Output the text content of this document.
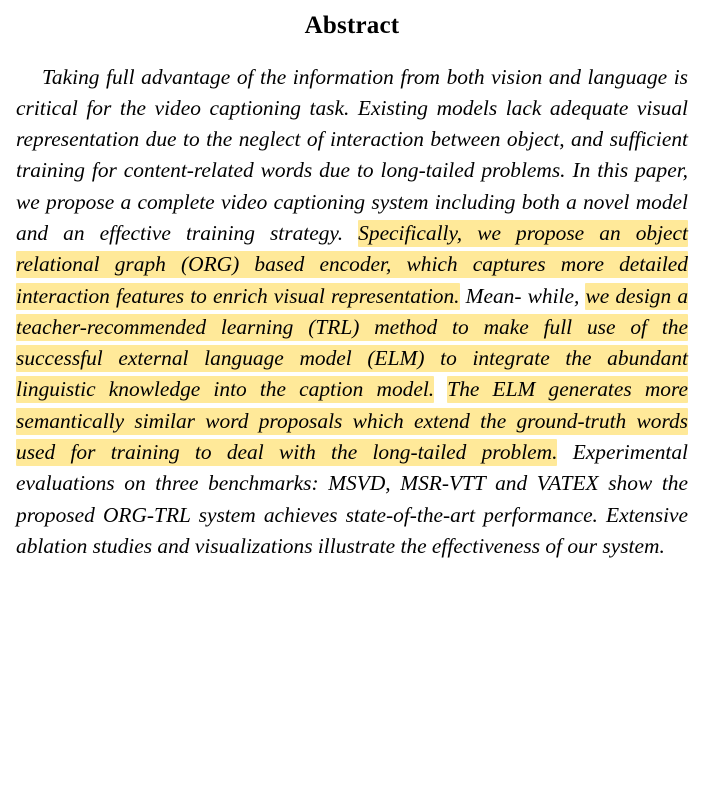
Abstract

Taking full advantage of the information from both vision and language is critical for the video captioning task. Existing models lack adequate visual representation due to the neglect of interaction between object, and sufficient training for content-related words due to long-tailed problems. In this paper, we propose a complete video captioning system including both a novel model and an effective training strategy. Specifically, we propose an object relational graph (ORG) based encoder, which captures more detailed interaction features to enrich visual representation. Mean- while, we design a teacher-recommended learning (TRL) method to make full use of the successful external language model (ELM) to integrate the abundant linguistic knowledge into the caption model. The ELM generates more semantically similar word proposals which extend the ground-truth words used for training to deal with the long-tailed problem. Experimental evaluations on three benchmarks: MSVD, MSR-VTT and VATEX show the proposed ORG-TRL system achieves state-of-the-art performance. Extensive ablation studies and visualizations illustrate the effectiveness of our system.
